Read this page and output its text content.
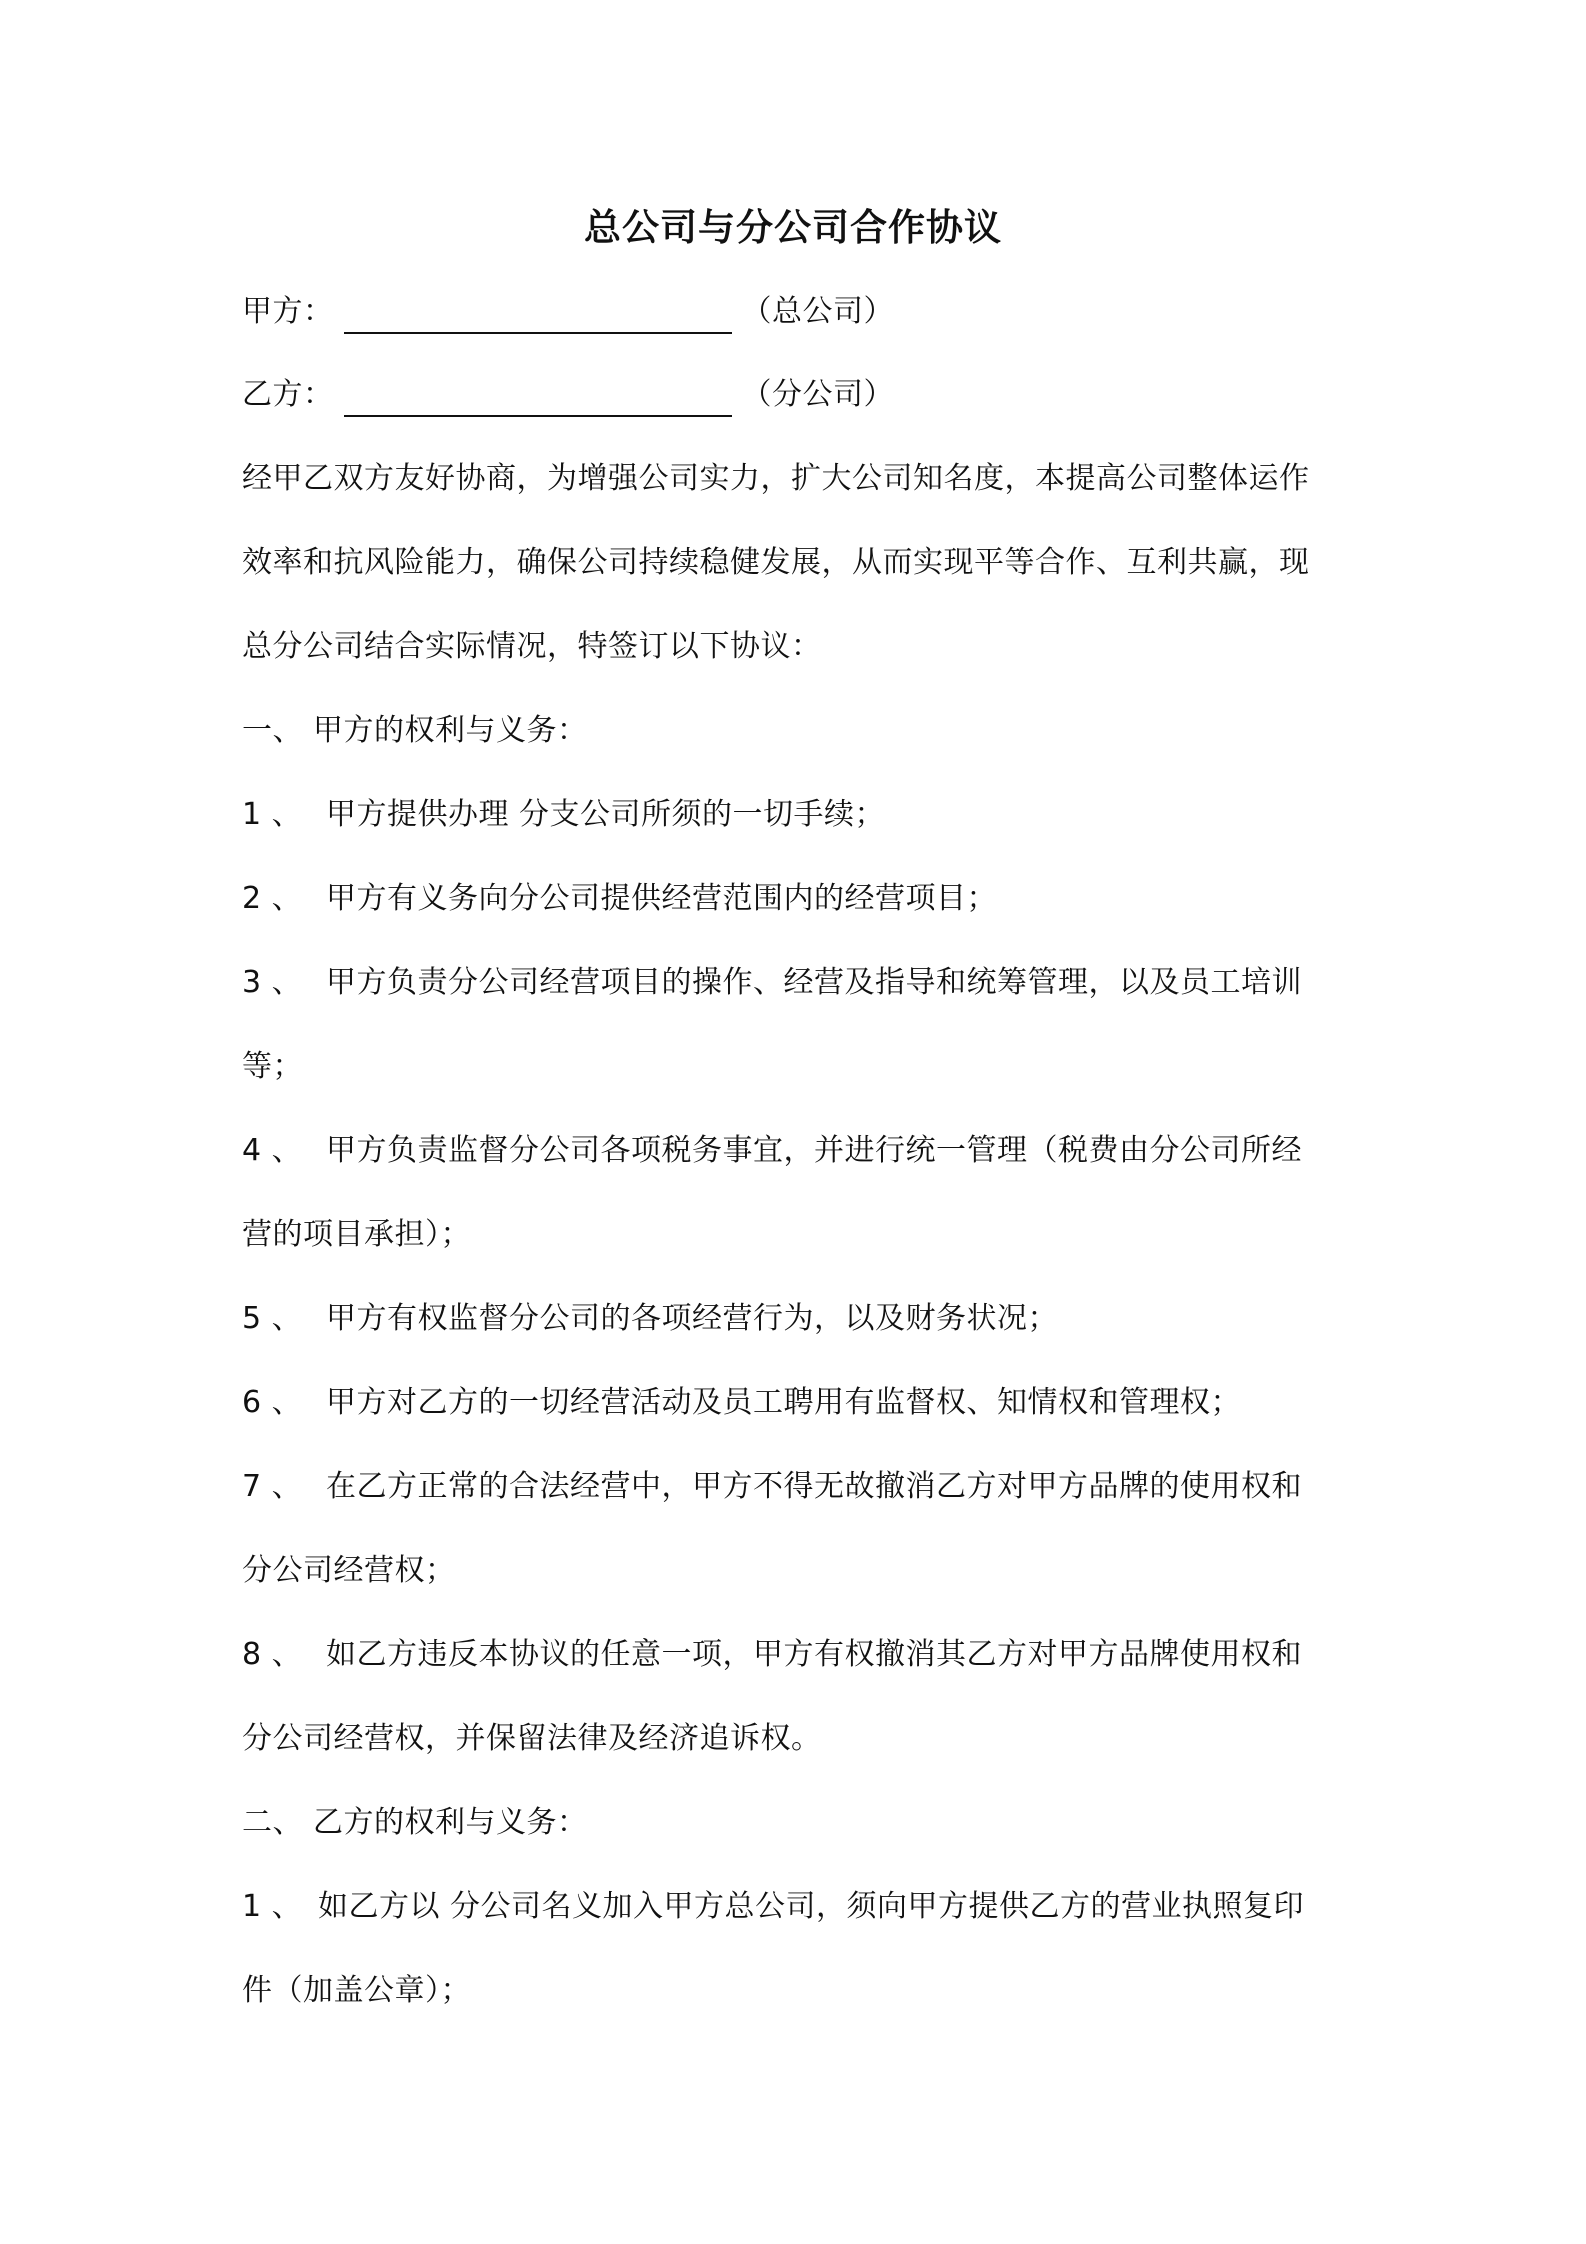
总公司与分公司合作协议
甲方：	（总公司）
乙方：	（分公司）
经甲乙双方友好协商，为增强公司实力，扩大公司知名度，本提高公司整体运作
效率和抗风险能力，确保公司持续稳健发展，从而实现平等合作、互利共赢，现
总分公司结合实际情况，特签订以下协议：
一、 甲方的权利与义务：
1 、 甲方提供办理 分支公司所须的一切手续；
2 、 甲方有义务向分公司提供经营范围内的经营项目；
3 、 甲方负责分公司经营项目的操作、经营及指导和统筹管理，以及员工培训
等；
4 、 甲方负责监督分公司各项税务事宜，并进行统一管理（税费由分公司所经
营的项目承担）；
5 、 甲方有权监督分公司的各项经营行为，以及财务状况；
6 、 甲方对乙方的一切经营活动及员工聘用有监督权、知情权和管理权；
7 、 在乙方正常的合法经营中，甲方不得无故撤消乙方对甲方品牌的使用权和
分公司经营权；
8 、 如乙方违反本协议的任意一项，甲方有权撤消其乙方对甲方品牌使用权和
分公司经营权，并保留法律及经济追诉权。
二、 乙方的权利与义务：
1 、 如乙方以 分公司名义加入甲方总公司，须向甲方提供乙方的营业执照复印
件（加盖公章）；
